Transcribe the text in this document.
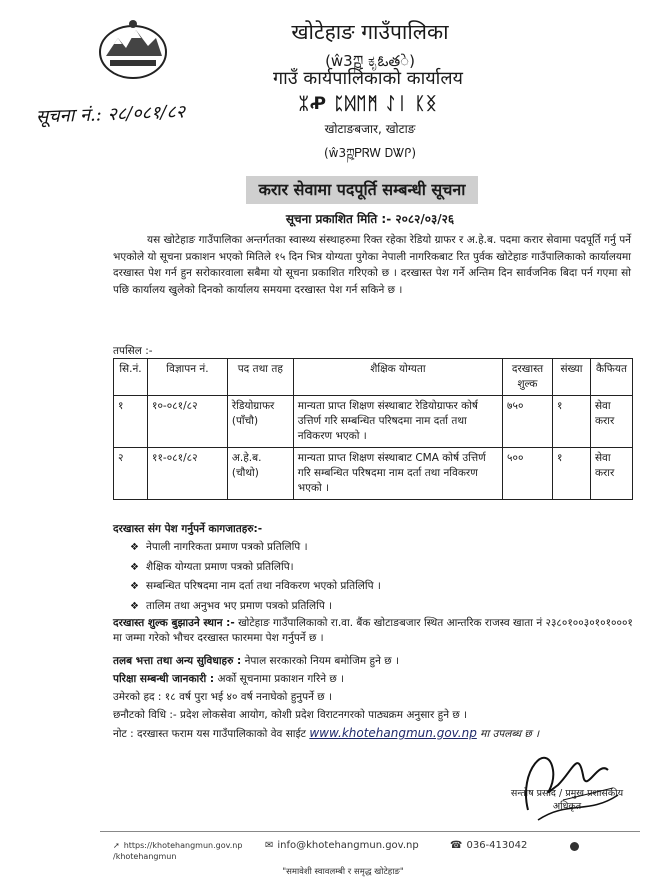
सूचना नं.: २८/०८१/८२
खोटेहाङ गाउँपालिका
(ŵ3ཀྵ ಕೃఓతे)
गाउँ कार्यपालिकाको कार्यालय
ᛯꝒ ᛈᛞᛖᛗ ᛇᛁ ᛕᛝ
खोटाङबजार, खोटाङ
(ŵ3ཀྵᏢᏒᎳ ᎠᏔᎵ)
करार सेवामा पदपूर्ति सम्बन्धी सूचना
सूचना प्रकाशित मिति :- २०८२/०३/२६
यस खोटेहाङ गाउँपालिका अन्तर्गतका स्वास्थ्य संस्थाहरुमा रिक्त रहेका रेडियो ग्राफर र अ.हे.ब. पदमा करार सेवामा पदपूर्ति गर्नु पर्ने भएकोले यो सूचना प्रकाशन भएको मितिले १५ दिन भित्र योग्यता पुगेका नेपाली नागरिकबाट रित पुर्वक खोटेहाङ गाउँपालिकाको कार्यालयमा दरखास्त पेश गर्न हुन सरोकारवाला सबैमा यो सूचना प्रकाशित गरिएको छ । दरखास्त पेश गर्ने अन्तिम दिन सार्वजनिक बिदा पर्न गएमा सो पछि कार्यालय खुलेको दिनको कार्यालय समयमा दरखास्त पेश गर्न सकिने छ ।
तपसिल :-
सि.नं.	विज्ञापन नं.	पद तथा तह	शैक्षिक योग्यता	दरखास्त शुल्क	संख्या	कैफियत
१	१०-०८१/८२	रेडियोग्राफर (पाँचौ)	मान्यता प्राप्त शिक्षण संस्थाबाट रेडियोग्राफर कोर्ष उत्तिर्ण गरि सम्बन्धित परिषदमा नाम दर्ता तथा नविकरण भएको ।	७५०	१	सेवा करार
२	११-०८१/८२	अ.हे.ब. (चौथो)	मान्यता प्राप्त शिक्षण संस्थाबाट CMA कोर्ष उत्तिर्ण गरि सम्बन्धित परिषदमा नाम दर्ता तथा नविकरण भएको ।	५००	१	सेवा करार
दरखास्त संग पेश गर्नुपर्ने कागजातहरु:-
❖ नेपाली नागरिकता प्रमाण पत्रको प्रतिलिपि ।
❖ शैक्षिक योग्यता प्रमाण पत्रको प्रतिलिपि।
❖ सम्बन्धित परिषदमा नाम दर्ता तथा नविकरण भएको प्रतिलिपि ।
❖ तालिम तथा अनुभव भए प्रमाण पत्रको प्रतिलिपि ।
दरखास्त शुल्क बुझाउने स्थान :- खोटेहाङ गाउँपालिकाको रा.वा. बैंक खोटाङबजार स्थित आन्तरिक राजस्व खाता नं २३८०१००३०१०१०००१ मा जम्मा गरेको भौचर दरखास्त फारममा पेश गर्नुपर्ने छ ।
तलब भत्ता तथा अन्य सुविधाहरु : नेपाल सरकारको नियम बमोजिम हुने छ ।
परिक्षा सम्बन्धी जानकारी : अर्को सूचनामा प्रकाशन गरिने छ ।
उमेरको हद : १८ वर्ष पुरा भई ४० वर्ष ननाघेको हुनुपर्ने छ ।
छनौटको विधि :- प्रदेश लोकसेवा आयोग, कोशी प्रदेश विराटनगरको पाठ्यक्रम अनुसार हुने छ ।
नोट : दरखास्त फराम यस गाउँपालिकाको वेव साईट www.khotehangmun.gov.np मा उपलब्ध छ ।
सन्तोष प्रसाद / प्रमुख प्रशासकीय अधिकृत
➚ https://khotehangmun.gov.np
/khotehangmun
✉ info@khotehangmun.gov.np	☎ 036-413042
"समावेशी स्वावलम्बी र समृद्ध खोटेहाङ"
